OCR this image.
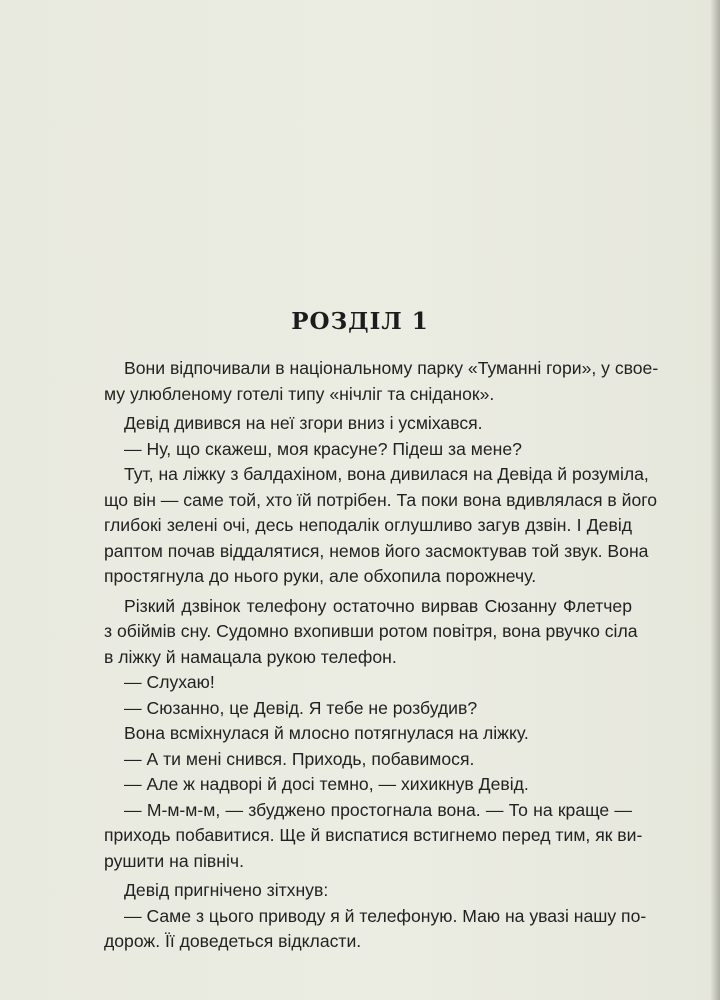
РОЗДІЛ 1
Вони відпочивали в національному парку «Туманні гори», у свое-
му улюбленому готелі типу «нічліг та сніданок».
Девід дивився на неї згори вниз і усміхався.
— Ну, що скажеш, моя красуне? Підеш за мене?
Тут, на ліжку з балдахіном, вона дивилася на Девіда й розуміла,
що він — саме той, хто їй потрібен. Та поки вона вдивлялася в його
глибокі зелені очі, десь неподалік оглушливо загув дзвін. І Девід
раптом почав віддалятися, немов його засмоктував той звук. Вона
простягнула до нього руки, але обхопила порожнечу.
Різкий дзвінок телефону остаточно вирвав Сюзанну Флетчер
з обіймів сну. Судомно вхопивши ротом повітря, вона рвучко сіла
в ліжку й намацала рукою телефон.
— Слухаю!
— Сюзанно, це Девід. Я тебе не розбудив?
Вона всміхнулася й млосно потягнулася на ліжку.
— А ти мені снився. Приходь, побавимося.
— Але ж надворі й досі темно, — хихикнув Девід.
— М-м-м-м, — збуджено простогнала вона. — То на краще —
приходь побавитися. Ще й виспатися встигнемо перед тим, як ви-
рушити на північ.
Девід пригнічено зітхнув:
— Саме з цього приводу я й телефоную. Маю на увазі нашу по-
дорож. Її доведеться відкласти.
